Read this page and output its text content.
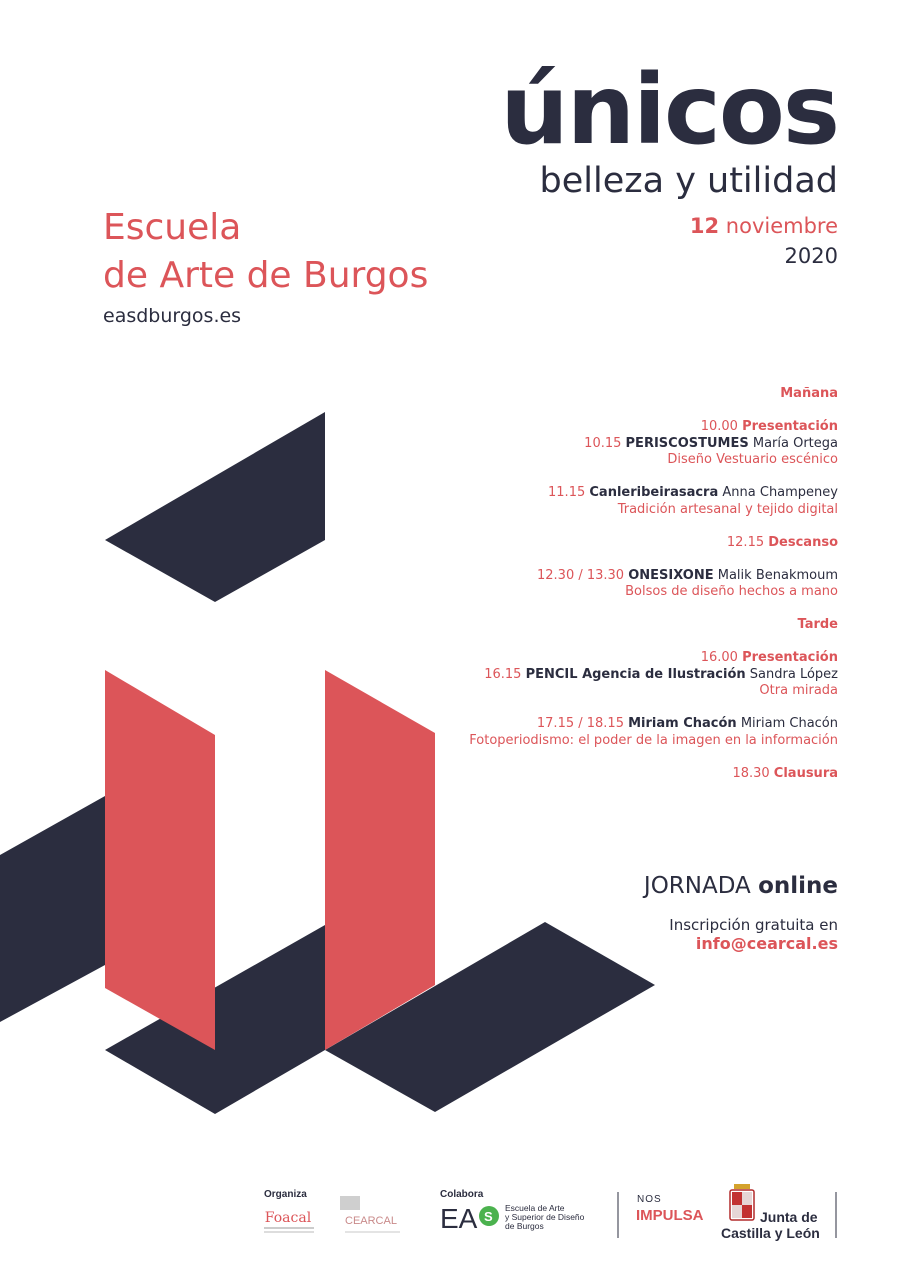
únicos
belleza y utilidad
12 noviembre
2020
Escuela
de Arte de Burgos
easdburgos.es
Mañana
10.00 Presentación
10.15 PERISCOSTUMES María Ortega
Diseño Vestuario escénico
11.15 Canleribeirasacra Anna Champeney
Tradición artesanal y tejido digital
12.15 Descanso
12.30 / 13.30 ONESIXONE Malik Benakmoum
Bolsos de diseño hechos a mano
Tarde
16.00 Presentación
16.15 PENCIL Agencia de Ilustración Sandra López
Otra mirada
17.15 / 18.15 Miriam Chacón Miriam Chacón
Fotoperiodismo: el poder de la imagen en la información
18.30 Clausura
JORNADA online
Inscripción gratuita en
info@cearcal.es
Organiza
Foacal	CEARCAL
Colabora
EA S
Escuela de Arte
y Superior de Diseño
de Burgos
NOS
IMPULSA	Junta de
Castilla y León
